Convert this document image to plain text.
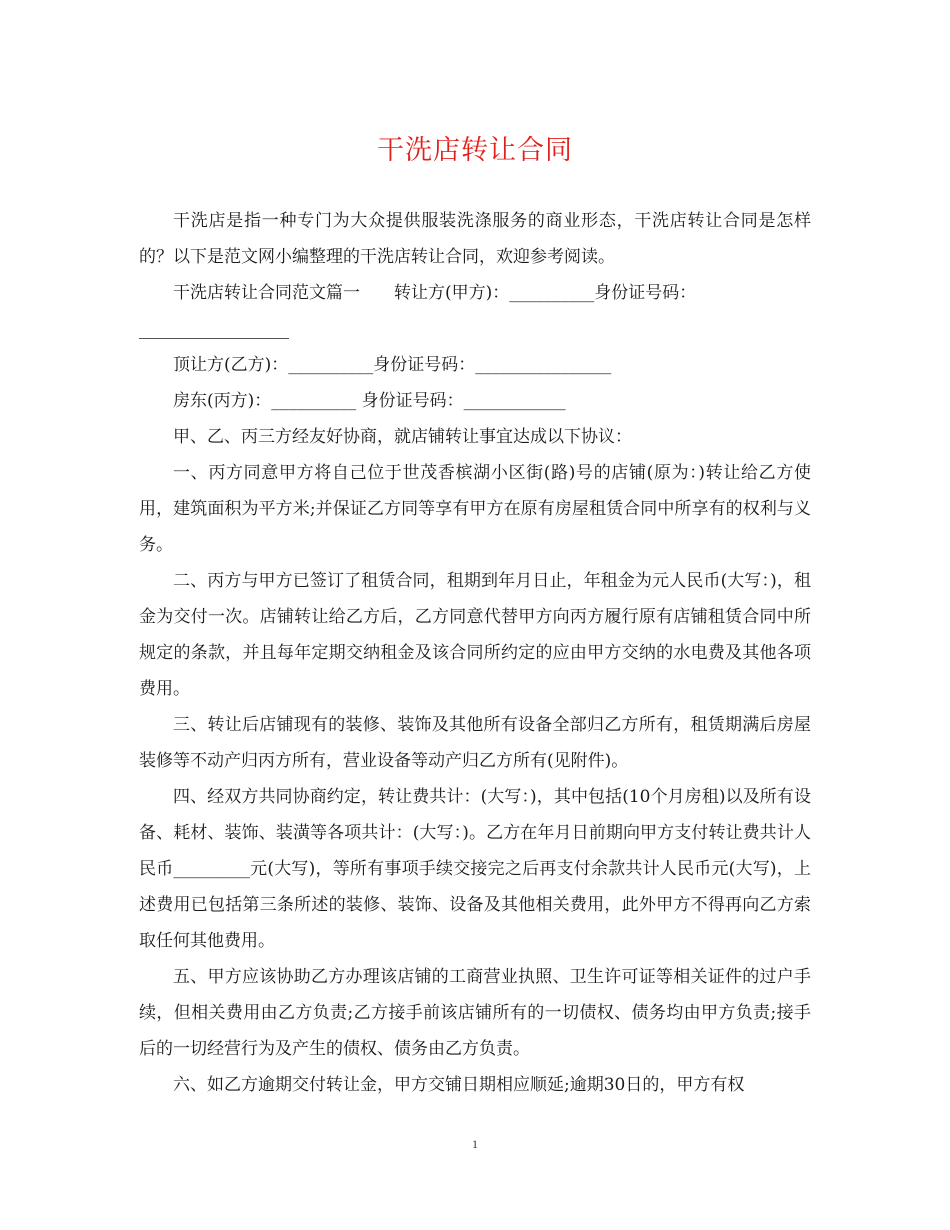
干洗店转让合同

干洗店是指一种专门为大众提供服装洗涤服务的商业形态，干洗店转让合同是怎样的？以下是范文网小编整理的干洗店转让合同，欢迎参考阅读。

干洗店转让合同范文篇一　　转让方(甲方)：__________身份证号码：

顶让方(乙方)：__________身份证号码：________________

房东(丙方)：__________ 身份证号码：____________

甲、乙、丙三方经友好协商，就店铺转让事宜达成以下协议：

一、丙方同意甲方将自己位于世茂香槟湖小区街(路)号的店铺(原为：)转让给乙方使用，建筑面积为平方米;并保证乙方同等享有甲方在原有房屋租赁合同中所享有的权利与义务。

二、丙方与甲方已签订了租赁合同，租期到年月日止，年租金为元人民币(大写：)，租金为交付一次。店铺转让给乙方后，乙方同意代替甲方向丙方履行原有店铺租赁合同中所规定的条款，并且每年定期交纳租金及该合同所约定的应由甲方交纳的水电费及其他各项费用。

三、转让后店铺现有的装修、装饰及其他所有设备全部归乙方所有，租赁期满后房屋装修等不动产归丙方所有，营业设备等动产归乙方所有(见附件)。

四、经双方共同协商约定，转让费共计：(大写：)，其中包括(10个月房租)以及所有设备、耗材、装饰、装潢等各项共计：(大写：)。乙方在年月日前期向甲方支付转让费共计人民币_________元(大写)，等所有事项手续交接完之后再支付余款共计人民币元(大写)，上述费用已包括第三条所述的装修、装饰、设备及其他相关费用，此外甲方不得再向乙方索取任何其他费用。

五、甲方应该协助乙方办理该店铺的工商营业执照、卫生许可证等相关证件的过户手续，但相关费用由乙方负责;乙方接手前该店铺所有的一切债权、债务均由甲方负责;接手后的一切经营行为及产生的债权、债务由乙方负责。

六、如乙方逾期交付转让金，甲方交铺日期相应顺延;逾期30日的，甲方有权

1
